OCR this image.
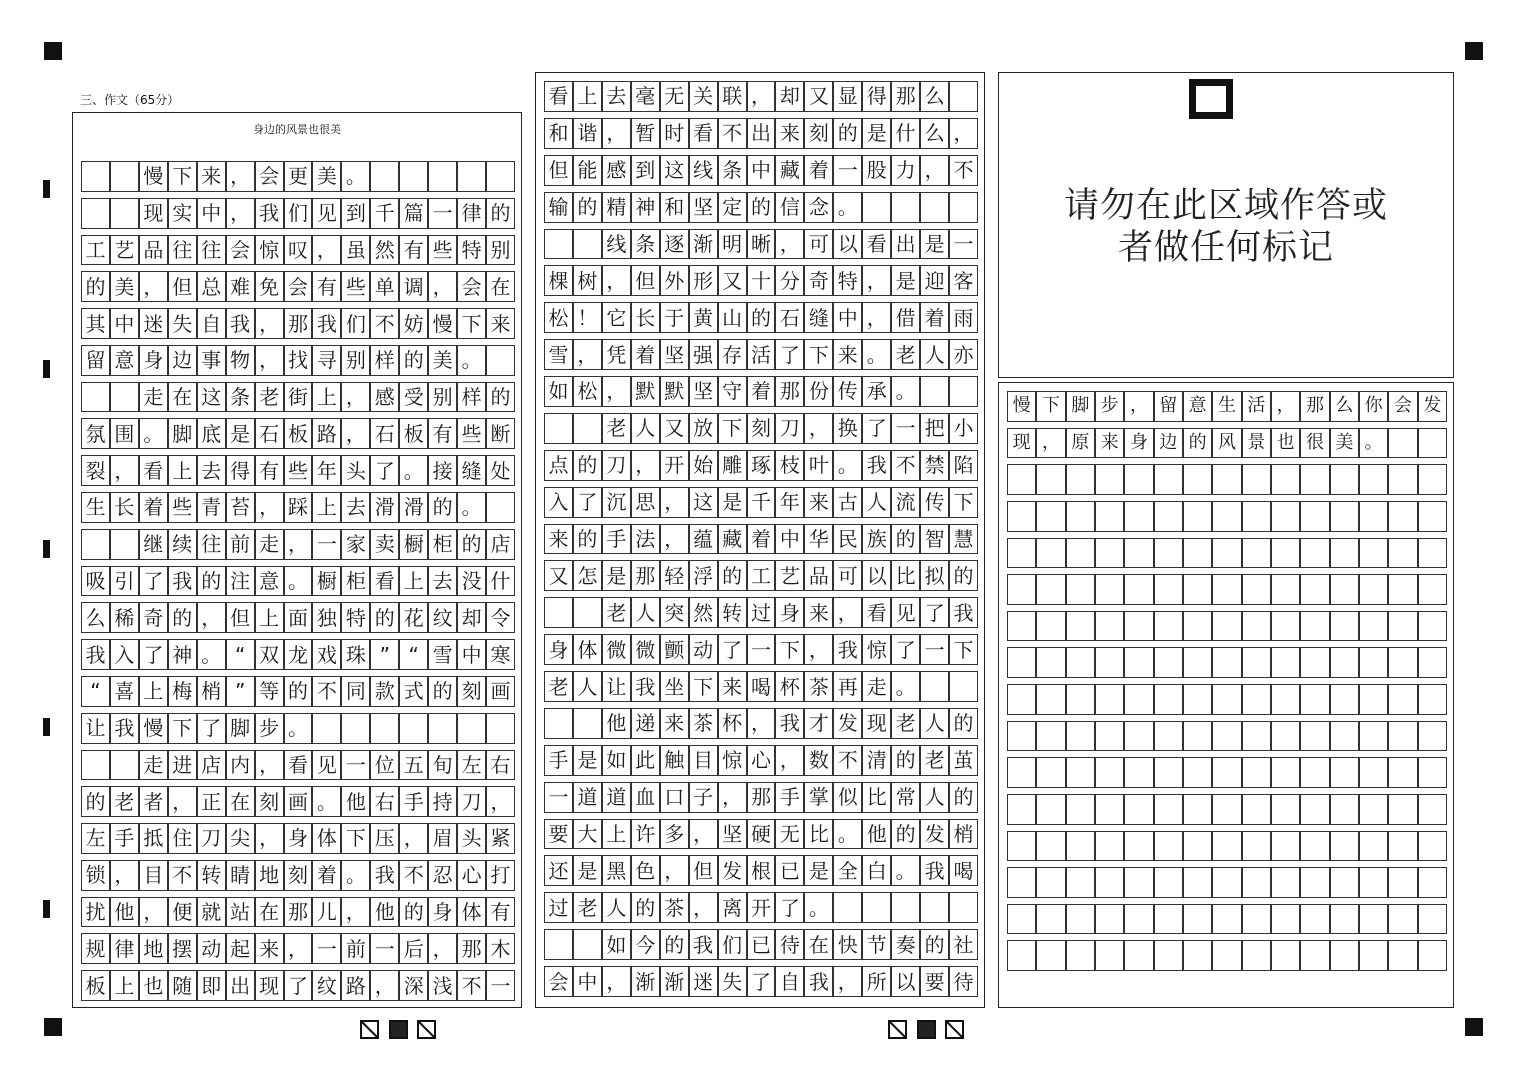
三、作文（65分）
身边的风景也很美

慢 下 来 ， 会 更 美 。

现 实 中 ， 我 们 见 到 千 篇 一 律 的
工 艺 品 往 往 会 惊 叹 ， 虽 然 有 些 特 别
的 美 ， 但 总 难 免 会 有 些 单 调 ， 会 在
其 中 迷 失 自 我 ， 那 我 们 不 妨 慢 下 来
留 意 身 边 事 物 ， 找 寻 别 样 的 美 。

走 在 这 条 老 街 上 ， 感 受 别 样 的
氛 围 。 脚 底 是 石 板 路 ， 石 板 有 些 断
裂 ， 看 上 去 得 有 些 年 头 了 。 接 缝 处
生 长 着 些 青 苔 ， 踩 上 去 滑 滑 的 。

继 续 往 前 走 ， 一 家 卖 橱 柜 的 店
吸 引 了 我 的 注 意 。 橱 柜 看 上 去 没 什
么 稀 奇 的 ， 但 上 面 独 特 的 花 纹 却 令
我 入 了 神 。 “ 双 龙 戏 珠 ” “ 雪 中 寒
“ 喜 上 梅 梢 ” 等 的 不 同 款 式 的 刻 画
让 我 慢 下 了 脚 步 。

走 进 店 内 ， 看 见 一 位 五 旬 左 右
的 老 者 ， 正 在 刻 画 。 他 右 手 持 刀 ，
左 手 抵 住 刀 尖 ， 身 体 下 压 ， 眉 头 紧
锁 ， 目 不 转 睛 地 刻 着 。 我 不 忍 心 打
扰 他 ， 便 就 站 在 那 儿 ， 他 的 身 体 有
规 律 地 摆 动 起 来 ， 一 前 一 后 ， 那 木
板 上 也 随 即 出 现 了 纹 路 ， 深 浅 不 一
看 上 去 毫 无 关 联 ， 却 又 显 得 那 么
和 谐 ， 暂 时 看 不 出 来 刻 的 是 什 么 ，
但 能 感 到 这 线 条 中 藏 着 一 股 力 ， 不
输 的 精 神 和 坚 定 的 信 念 。

线 条 逐 渐 明 晰 ， 可 以 看 出 是 一
棵 树 ， 但 外 形 又 十 分 奇 特 ， 是 迎 客
松 ！ 它 长 于 黄 山 的 石 缝 中 ， 借 着 雨
雪 ， 凭 着 坚 强 存 活 了 下 来 。 老 人 亦
如 松 ， 默 默 坚 守 着 那 份 传 承 。

老 人 又 放 下 刻 刀 ， 换 了 一 把 小
点 的 刀 ， 开 始 雕 琢 枝 叶 。 我 不 禁 陷
入 了 沉 思 ， 这 是 千 年 来 古 人 流 传 下
来 的 手 法 ， 蕴 藏 着 中 华 民 族 的 智 慧
又 怎 是 那 轻 浮 的 工 艺 品 可 以 比 拟 的

老 人 突 然 转 过 身 来 ， 看 见 了 我
身 体 微 微 颤 动 了 一 下 ， 我 惊 了 一 下
老 人 让 我 坐 下 来 喝 杯 茶 再 走 。

他 递 来 茶 杯 ， 我 才 发 现 老 人 的
手 是 如 此 触 目 惊 心 ， 数 不 清 的 老 茧
一 道 道 血 口 子 ， 那 手 掌 似 比 常 人 的
要 大 上 许 多 ， 坚 硬 无 比 。 他 的 发 梢
还 是 黑 色 ， 但 发 根 已 是 全 白 。 我 喝
过 老 人 的 茶 ， 离 开 了 。

如 今 的 我 们 已 待 在 快 节 奏 的 社
会 中 ， 渐 渐 迷 失 了 自 我 ， 所 以 要 待
请勿在此区域作答或
者做任何标记
慢 下 脚 步 ， 留 意 生 活 ， 那 么 你 会 发
现 ， 原 来 身 边 的 风 景 也 很 美 。
